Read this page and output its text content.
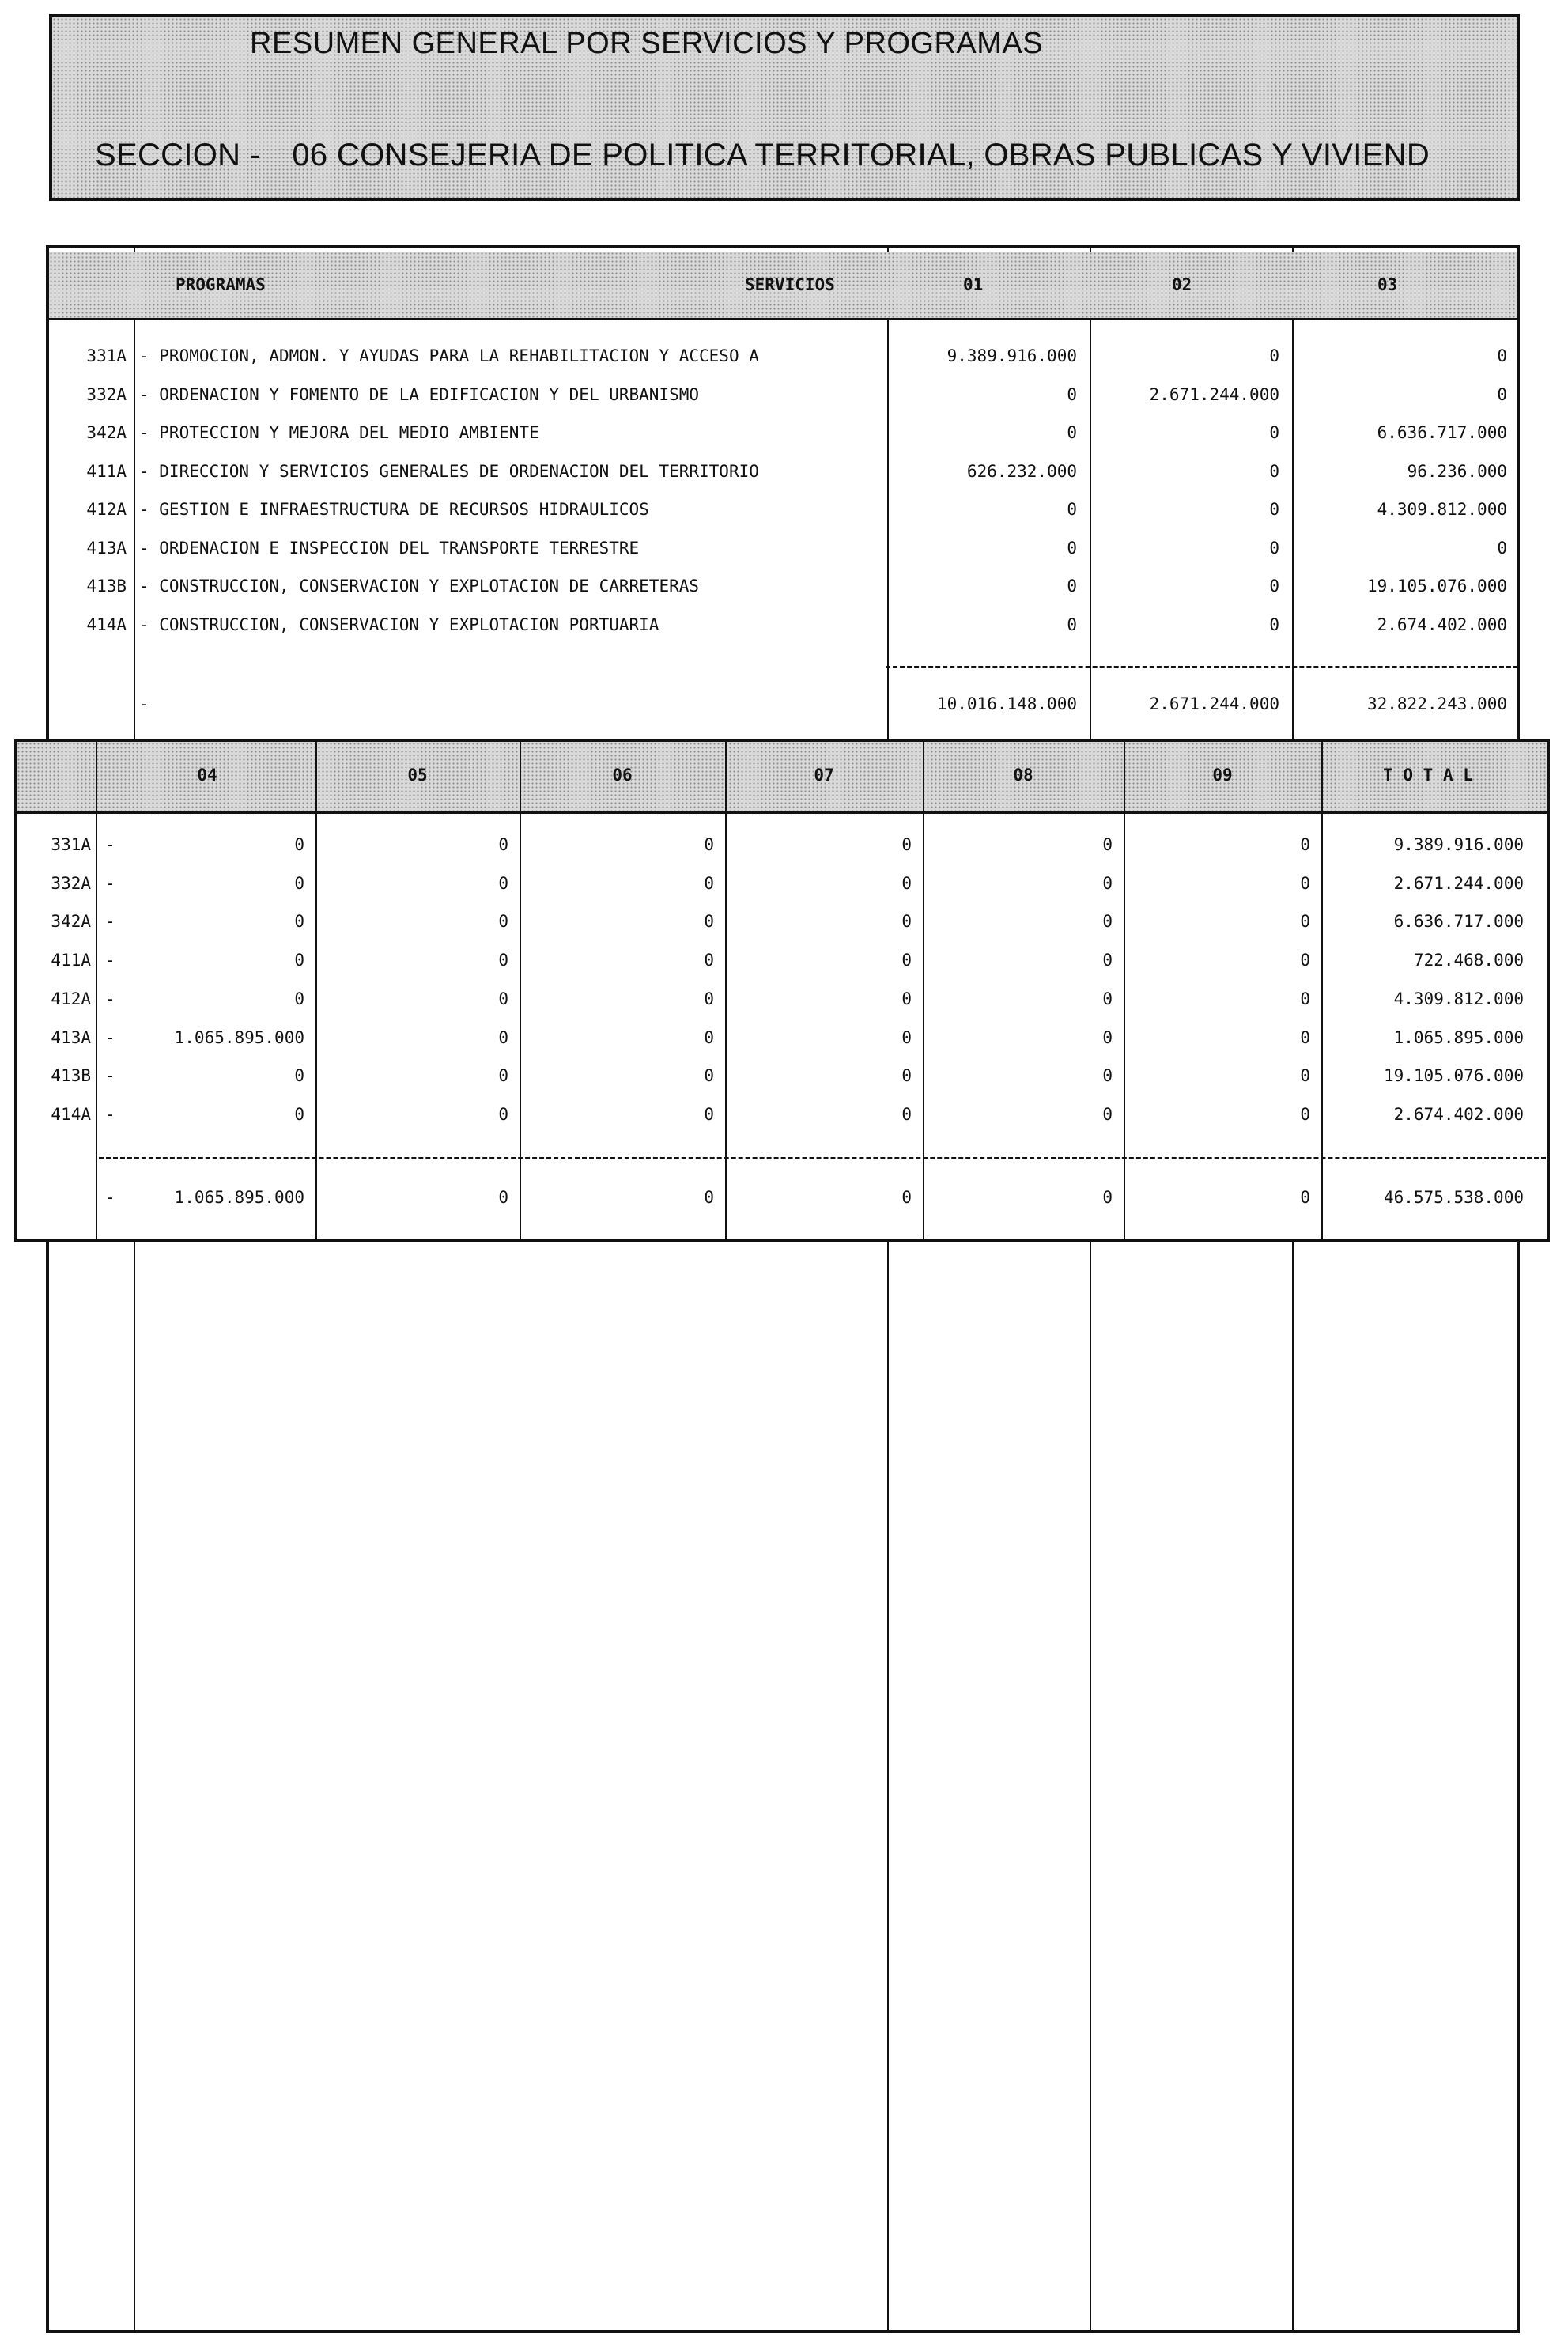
RESUMEN GENERAL POR SERVICIOS Y PROGRAMAS
SECCION - 06 CONSEJERIA DE POLITICA TERRITORIAL, OBRAS PUBLICAS Y VIVIEND
PROGRAMAS	SERVICIOS	01	02	03
331A - PROMOCION, ADMON. Y AYUDAS PARA LA REHABILITACION Y ACCESO A	9.389.916.000	0	0
332A - ORDENACION Y FOMENTO DE LA EDIFICACION Y DEL URBANISMO	0	2.671.244.000	0
342A - PROTECCION Y MEJORA DEL MEDIO AMBIENTE	0	0	6.636.717.000
411A - DIRECCION Y SERVICIOS GENERALES DE ORDENACION DEL TERRITORIO	626.232.000	0	96.236.000
412A - GESTION E INFRAESTRUCTURA DE RECURSOS HIDRAULICOS	0	0	4.309.812.000
413A - ORDENACION E INSPECCION DEL TRANSPORTE TERRESTRE	0	0	0
413B - CONSTRUCCION, CONSERVACION Y EXPLOTACION DE CARRETERAS	0	0	19.105.076.000
414A - CONSTRUCCION, CONSERVACION Y EXPLOTACION PORTUARIA	0	0	2.674.402.000
-	10.016.148.000	2.671.244.000	32.822.243.000
04	05	06	07	08	09	T O T A L
331A -	0	0	0	0	0	0	9.389.916.000
332A -	0	0	0	0	0	0	2.671.244.000
342A -	0	0	0	0	0	0	6.636.717.000
411A -	0	0	0	0	0	0	722.468.000
412A -	0	0	0	0	0	0	4.309.812.000
413A -	1.065.895.000	0	0	0	0	0	1.065.895.000
413B -	0	0	0	0	0	0	19.105.076.000
414A -	0	0	0	0	0	0	2.674.402.000
-	1.065.895.000	0	0	0	0	0	46.575.538.000
